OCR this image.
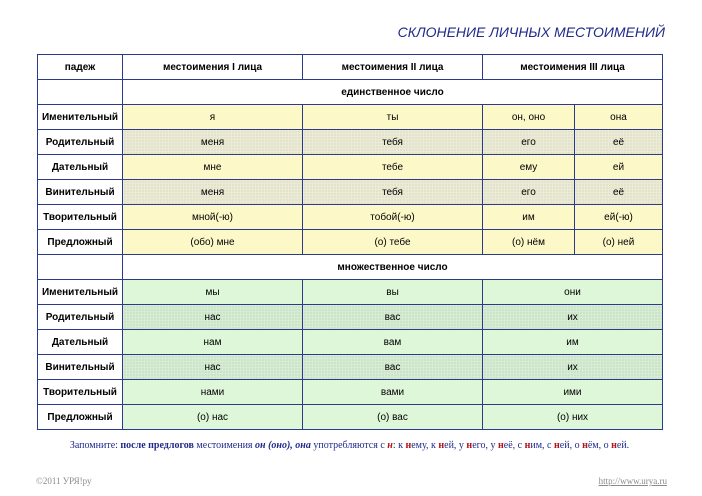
СКЛОНЕНИЕ ЛИЧНЫХ МЕСТОИМЕНИЙ
падеж	местоимения I лица	местоимения II лица	местоимения III лица	
	единственное число			
Именительный	я	ты	он, оно	она
Родительный	меня	тебя	его	её
Дательный	мне	тебе	ему	ей
Винительный	меня	тебя	его	её
Творительный	мной(-ю)	тобой(-ю)	им	ей(-ю)
Предложный	(обо) мне	(о) тебе	(о) нём	(о) ней
	множественное число			
Именительный	мы	вы	они	
Родительный	нас	вас	их	
Дательный	нам	вам	им	
Винительный	нас	вас	их	
Творительный	нами	вами	ими	
Предложный	(о) нас	(о) вас	(о) них	
Запомните: после предлогов местоимения он (оно), она употребляются с н: к нему, к ней, у него, у неё, с ним, с ней, о нём, о ней.
©2011 УРЯ!ру	http://www.urya.ru
